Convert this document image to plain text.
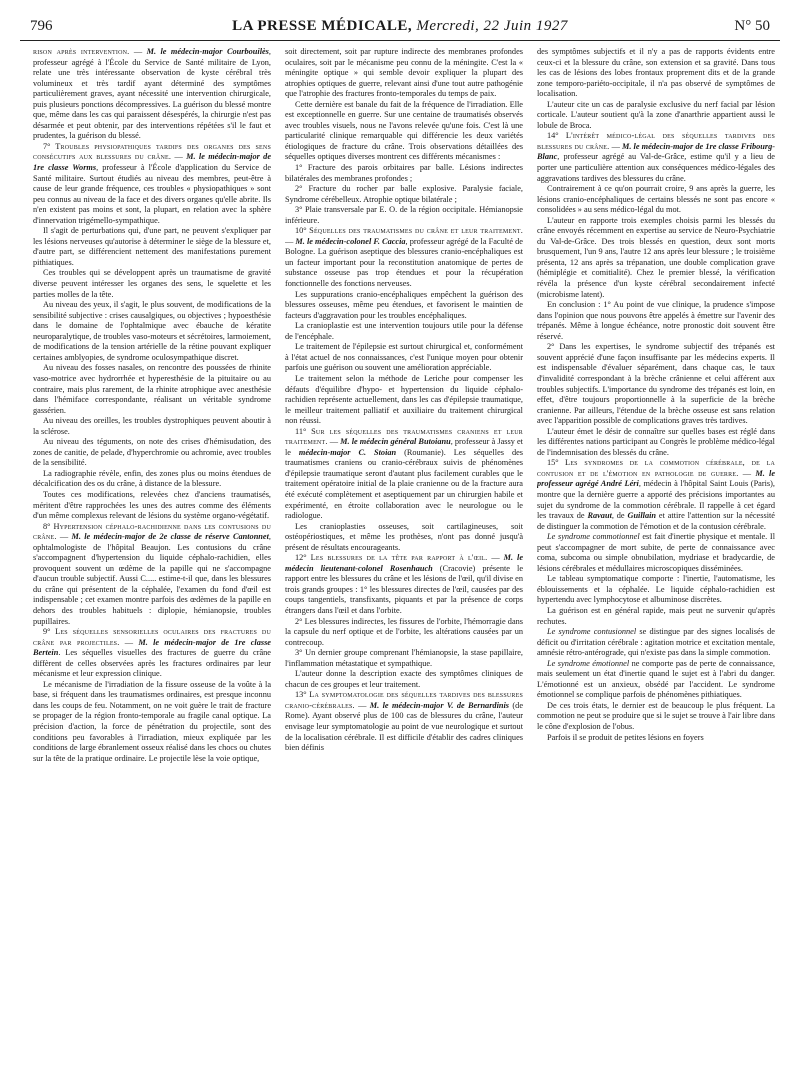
796	LA PRESSE MÉDICALE, Mercredi, 22 Juin 1927	N° 50

rison après intervention. — M. le médecin-major Courbouilès, professeur agrégé à l'École du Service de Santé militaire de Lyon, relate une très intéressante observation de kyste cérébral très volumineux et très tardif ayant déterminé des symptômes particulièrement graves, ayant nécessité une intervention chirurgicale, puis plusieurs ponctions décompressives. La guérison du blessé montre que, même dans les cas qui paraissent désespérés, la chirurgie n'est pas désarmée et peut obtenir, par des interventions répétées s'il le faut et prudentes, la guérison du blessé.

7° Troubles physiopathiques tardifs des organes des sens consécutifs aux blessures du crâne. — M. le médecin-major de 1re classe Worms, professeur à l'École d'application du Service de Santé militaire. Surtout étudiés au niveau des membres, peut-être à cause de leur grande fréquence, ces troubles « physiopathiques » sont peu connus au niveau de la face et des divers organes qu'elle abrite. Ils n'en existent pas moins et sont, la plupart, en relation avec la sphère d'innervation trigémello-sympathique.

Il s'agit de perturbations qui, d'une part, ne peuvent s'expliquer par les lésions nerveuses qu'autorise à déterminer le siège de la blessure et, d'autre part, se différencient nettement des manifestations purement pithiatiques.

Ces troubles qui se développent après un traumatisme de gravité diverse peuvent intéresser les organes des sens, le squelette et les parties molles de la tête.

Au niveau des yeux, il s'agit, le plus souvent, de modifications de la sensibilité subjective : crises causalgiques, ou objectives ; hypoesthésie dans le domaine de l'ophtalmique avec ébauche de kératite neuroparalytique, de troubles vaso-moteurs et sécrétoires, larmoiement, de modifications de la tension artérielle de la rétine pouvant expliquer certaines amblyopies, de syndrome oculosympathique discret.

Au niveau des fosses nasales, on rencontre des poussées de rhinite vaso-motrice avec hydrorrhée et hyperesthésie de la pituitaire ou au contraire, mais plus rarement, de la rhinite atrophique avec anesthésie dans l'hémiface correspondante, réalisant un véritable syndrome gassérien.

Au niveau des oreilles, les troubles dystrophiques peuvent aboutir à la sclérose.

Au niveau des téguments, on note des crises d'hémisudation, des zones de canitie, de pelade, d'hyperchromie ou achromie, avec troubles de la sensibilité.

La radiographie révèle, enfin, des zones plus ou moins étendues de décalcification des os du crâne, à distance de la blessure.

Toutes ces modifications, relevées chez d'anciens traumatisés, méritent d'être rapprochées les unes des autres comme des éléments d'un même complexus relevant de lésions du système organo-végétatif.

8° Hypertension céphalo-rachidienne dans les contusions du crâne. — M. le médecin-major de 2e classe de réserve Cantonnet, ophtalmologiste de l'hôpital Beaujon. Les contusions du crâne s'accompagnent d'hypertension du liquide céphalo-rachidien, elles provoquent souvent un œdème de la papille qui ne s'accompagne d'aucun trouble subjectif. Aussi C..... estime-t-il que, dans les blessures du crâne qui présentent de la céphalée, l'examen du fond d'œil est indispensable ; cet examen montre parfois des œdèmes de la papille en dehors des troubles habituels : diplopie, hémianopsie, troubles pupillaires.

9° Les séquelles sensorielles oculaires des fractures du crâne par projectiles. — M. le médecin-major de 1re classe Bertein. Les séquelles visuelles des fractures de guerre du crâne diffèrent de celles observées après les fractures ordinaires par leur mécanisme et leur expression clinique.

Le mécanisme de l'irradiation de la fissure osseuse de la voûte à la base, si fréquent dans les traumatismes ordinaires, est presque inconnu dans les coups de feu. Notamment, on ne voit guère le trait de fracture se propager de la région fronto-temporale au fragile canal optique. La précision d'action, la force de pénétration du projectile, sont des conditions peu favorables à l'irradiation, mieux expliquée par les conditions de large ébranlement osseux réalisé dans les chocs ou chutes sur la tête de la pratique ordinaire. Le projectile lèse la voie optique,

soit directement, soit par rupture indirecte des membranes profondes oculaires, soit par le mécanisme peu connu de la méningite. C'est la « méningite optique » qui semble devoir expliquer la plupart des atrophies optiques de guerre, relevant ainsi d'une tout autre pathogénie que l'atrophie des fractures fronto-temporales du temps de paix.

Cette dernière est banale du fait de la fréquence de l'irradiation. Elle est exceptionnelle en guerre. Sur une centaine de traumatisés observés avec troubles visuels, nous ne l'avons relevée qu'une fois. C'est là une particularité clinique remarquable qui différencie les deux variétés étiologiques de fracture du crâne. Trois observations détaillées des séquelles optiques diverses montrent ces différents mécanismes :

1° Fracture des parois orbitaires par balle. Lésions indirectes bilatérales des membranes profondes ;

2° Fracture du rocher par balle explosive. Paralysie faciale, Syndrome cérébelleux. Atrophie optique bilatérale ;

3° Plaie transversale par E. O. de la région occipitale. Hémianopsie inférieure.

10° Séquelles des traumatismes du crâne et leur traitement. — M. le médecin-colonel F. Caccia, professeur agrégé de la Faculté de Bologne. La guérison aseptique des blessures cranio-encéphaliques est un facteur important pour la reconstitution anatomique de pertes de substance osseuse pas trop étendues et pour la récupération fonctionnelle des fonctions nerveuses.

Les suppurations cranio-encéphaliques empêchent la guérison des blessures osseuses, même peu étendues, et favorisent le maintien de facteurs d'aggravation pour les troubles encéphaliques.

La cranioplastie est une intervention toujours utile pour la défense de l'encéphale.

Le traitement de l'épilepsie est surtout chirurgical et, conformément à l'état actuel de nos connaissances, c'est l'unique moyen pour obtenir parfois une guérison ou souvent une amélioration appréciable.

Le traitement selon la méthode de Leriche pour compenser les défauts d'équilibre d'hypo- et hypertension du liquide céphalo-rachidien représente actuellement, dans les cas d'épilepsie traumatique, le meilleur traitement palliatif et auxiliaire du traitement chirurgical non réussi.

11° Sur les séquelles des traumatismes craniens et leur traitement. — M. le médecin général Butoianu, professeur à Jassy et le médecin-major C. Stoian (Roumanie). Les séquelles des traumatismes craniens ou cranio-cérébraux suivis de phénomènes d'épilepsie traumatique seront d'autant plus facilement curables que le traitement opératoire initial de la plaie cranienne ou de la fracture aura été exécuté complètement et aseptiquement par un chirurgien habile et expérimenté, en étroite collaboration avec le neurologue ou le radiologue.

Les cranioplasties osseuses, soit cartilagineuses, soit ostéopériostiques, et même les prothèses, n'ont pas donné jusqu'à présent de résultats encourageants.

12° Les blessures de la tête par rapport à l'œil. — M. le médecin lieutenant-colonel Rosenhauch (Cracovie) présente le rapport entre les blessures du crâne et les lésions de l'œil, qu'il divise en trois grands groupes : 1° les blessures directes de l'œil, causées par des coups tangentiels, transfixants, piquants et par la présence de corps étrangers dans l'œil et dans l'orbite.

2° Les blessures indirectes, les fissures de l'orbite, l'hémorragie dans la capsule du nerf optique et de l'orbite, les altérations causées par un contrecoup.

3° Un dernier groupe comprenant l'hémianopsie, la stase papillaire, l'inflammation métastatique et sympathique.

L'auteur donne la description exacte des symptômes cliniques de chacun de ces groupes et leur traitement.

13° La symptomatologie des séquelles tardives des blessures cranio-cérébrales. — M. le médecin-major V. de Bernardinis (de Rome). Ayant observé plus de 100 cas de blessures du crâne, l'auteur envisage leur symptomatologie au point de vue neurologique et surtout de la localisation cérébrale. Il est difficile d'établir des cadres cliniques bien définis

des symptômes subjectifs et il n'y a pas de rapports évidents entre ceux-ci et la blessure du crâne, son extension et sa gravité. Dans tous les cas de lésions des lobes frontaux proprement dits et de la grande zone temporo-pariéto-occipitale, il n'a pas observé de symptômes de localisation.

L'auteur cite un cas de paralysie exclusive du nerf facial par lésion corticale. L'auteur soutient qu'à la zone d'anarthrie appartient aussi le lobule de Broca.

14° L'intérêt médico-légal des séquelles tardives des blessures du crâne. — M. le médecin-major de 1re classe Fribourg-Blanc, professeur agrégé au Val-de-Grâce, estime qu'il y a lieu de porter une particulière attention aux conséquences médico-légales des aggravations tardives des blessures du crâne.

Contrairement à ce qu'on pourrait croire, 9 ans après la guerre, les lésions cranio-encéphaliques de certains blessés ne sont pas encore « consolidées » au sens médico-légal du mot.

L'auteur en rapporte trois exemples choisis parmi les blessés du crâne envoyés récemment en expertise au service de Neuro-Psychiatrie du Val-de-Grâce. Des trois blessés en question, deux sont morts brusquement, l'un 9 ans, l'autre 12 ans après leur blessure ; le troisième présenta, 12 ans après sa trépanation, une double complication grave (hémiplégie et comitialité). Chez le premier blessé, la vérification révéla la présence d'un kyste cérébral secondairement infecté (microbisme latent).

En conclusion : 1° Au point de vue clinique, la prudence s'impose dans l'opinion que nous pouvons être appelés à émettre sur l'avenir des trépanés. Même à longue échéance, notre pronostic doit souvent être réservé.

2° Dans les expertises, le syndrome subjectif des trépanés est souvent apprécié d'une façon insuffisante par les médecins experts. Il est indispensable d'évaluer séparément, dans chaque cas, le taux d'invalidité correspondant à la brèche crânienne et celui afférent aux troubles subjectifs. L'importance du syndrome des trépanés est loin, en effet, d'être toujours proportionnelle à la superficie de la brèche cranienne. Par ailleurs, l'étendue de la brèche osseuse est sans relation avec l'apparition possible de complications graves très tardives.

L'auteur émet le désir de connaître sur quelles bases est réglé dans les différentes nations participant au Congrès le problème médico-légal de l'indemnisation des blessés du crâne.

15° Les syndromes de la commotion cérébrale, de la contusion et de l'émotion en pathologie de guerre. — M. le professeur agrégé André Léri, médecin à l'hôpital Saint Louis (Paris), montre que la dernière guerre a apporté des précisions importantes au sujet du syndrome de la commotion cérébrale. Il rappelle à cet égard les travaux de Ravaut, de Guillain et attire l'attention sur la nécessité de distinguer la commotion de l'émotion et de la contusion cérébrale.

Le syndrome commotionnel est fait d'inertie physique et mentale. Il peut s'accompagner de mort subite, de perte de connaissance avec coma, subcoma ou simple obnubilation, mydriase et bradycardie, de lésions cérébrales et médullaires microscopiques disséminées.

Le tableau symptomatique comporte : l'inertie, l'automatisme, les éblouissements et la céphalée. Le liquide céphalo-rachidien est hypertendu avec lymphocytose et albuminose discrètes.

La guérison est en général rapide, mais peut ne survenir qu'après rechutes.

Le syndrome contusionnel se distingue par des signes localisés de déficit ou d'irritation cérébrale : agitation motrice et excitation mentale, amnésie rétro-antérograde, qui n'existe pas dans la simple commotion.

Le syndrome émotionnel ne comporte pas de perte de connaissance, mais seulement un état d'inertie quand le sujet est à l'abri du danger. L'émotionné est un anxieux, obsédé par l'accident. Le syndrome émotionnel se complique parfois de phénomènes pithiatiques.

De ces trois états, le dernier est de beaucoup le plus fréquent. La commotion ne peut se produire que si le sujet se trouve à l'air libre dans le cône d'explosion de l'obus.

Parfois il se produit de petites lésions en foyers
